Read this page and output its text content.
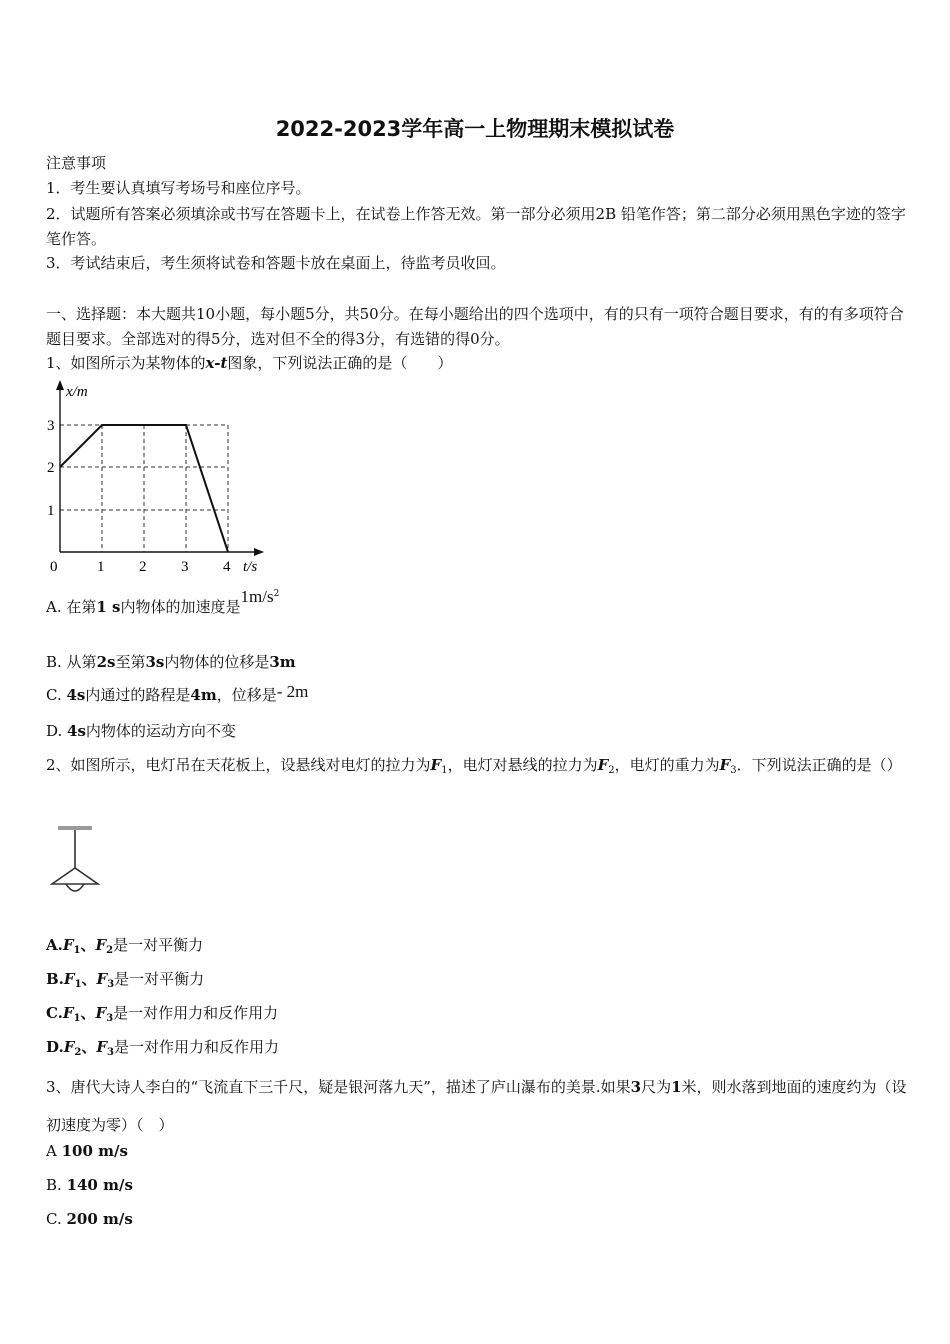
2022-2023学年高一上物理期末模拟试卷
注意事项
1．考生要认真填写考场号和座位序号。
2．试题所有答案必须填涂或书写在答题卡上，在试卷上作答无效。第一部分必须用2B 铅笔作答；第二部分必须用黑色字迹的签字笔作答。
3．考试结束后，考生须将试卷和答题卡放在桌面上，待监考员收回。
一、选择题：本大题共10小题，每小题5分，共50分。在每小题给出的四个选项中，有的只有一项符合题目要求，有的有多项符合题目要求。全部选对的得5分，选对但不全的得3分，有选错的得0分。
1、如图所示为某物体的x-t图象，下列说法正确的是（　　）
x/m
3
2
1
0	1 2 3 4 t/s
A. 在第1 s内物体的加速度是$1m/s^2$
B. 从第2s至第3s内物体的位移是3m
C. 4s内通过的路程是4m，位移是- 2m
D. 4s内物体的运动方向不变
2、如图所示，电灯吊在天花板上，设悬线对电灯的拉力为$F_1$，电灯对悬线的拉力为$F_2$，电灯的重力为$F_3$．下列说法正确的是（）
$A.F_1$、$F_2$是一对平衡力
$B.F_1$、$F_3$是一对平衡力
$C.F_1$、$F_3$是一对作用力和反作用力
$D.F_2$、$F_3$是一对作用力和反作用力
3、唐代大诗人李白的“飞流直下三千尺，疑是银河落九天”，描述了庐山瀑布的美景.如果3尺为1米，则水落到地面的速度约为（设初速度为零）（　）
A 100 m/s
B. 140 m/s
C. 200 m/s
